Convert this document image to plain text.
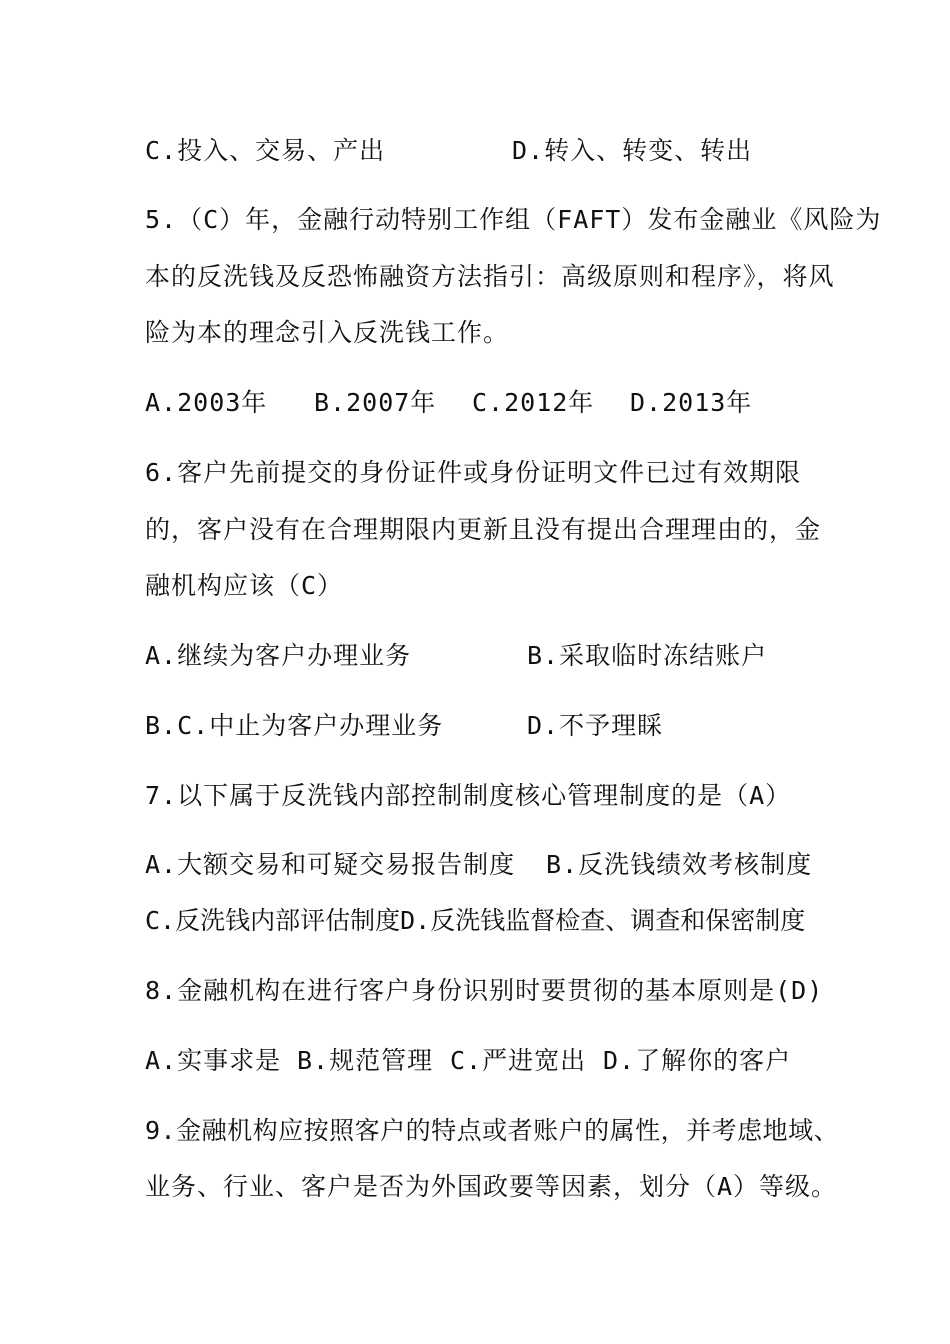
C.投入、交易、产出	D.转入、转变、转出
5.（C）年，金融行动特别工作组（FAFT）发布金融业《风险为
本的反洗钱及反恐怖融资方法指引：高级原则和程序》，将风
险为本的理念引入反洗钱工作。
A.2003年 B.2007年 C.2012年 D.2013年
6.客户先前提交的身份证件或身份证明文件已过有效期限
的，客户没有在合理期限内更新且没有提出合理理由的，金
融机构应该（C）
A.继续为客户办理业务	B.采取临时冻结账户
B.C.中止为客户办理业务	D.不予理睬
7.以下属于反洗钱内部控制制度核心管理制度的是（A）
A.大额交易和可疑交易报告制度 B.反洗钱绩效考核制度
C.反洗钱内部评估制度D.反洗钱监督检查、调查和保密制度
8.金融机构在进行客户身份识别时要贯彻的基本原则是(D)
A.实事求是 B.规范管理 C.严进宽出 D.了解你的客户
9.金融机构应按照客户的特点或者账户的属性，并考虑地域、
业务、行业、客户是否为外国政要等因素，划分（A）等级。
